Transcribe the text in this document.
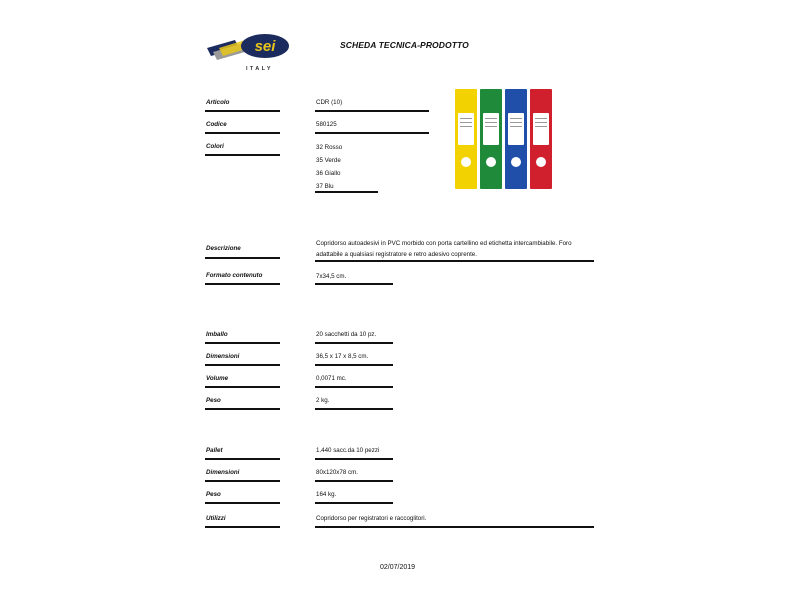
sei
ITALY
SCHEDA TECNICA-PRODOTTO
Articolo	CDR (10)
Codice	580125
Colori	32 Rosso
35 Verde
36 Giallo
37 Blu
Descrizione
Copridorso autoadesivi in PVC morbido con porta cartellino ed etichetta intercambiabile. Foro
adattabile a qualsiasi registratore e retro adesivo coprente.
Formato contenuto	7x34,5 cm.
Imballo	20 sacchetti da 10 pz.
Dimensioni	36,5 x 17 x 8,5 cm.
Volume	0,0071 mc.
Peso	2 kg.
Pallet	1.440 sacc.da 10 pezzi
Dimensioni	80x120x78 cm.
Peso	164 kg.
Utilizzi	Copridorso per registratori e raccoglitori.
02/07/2019
